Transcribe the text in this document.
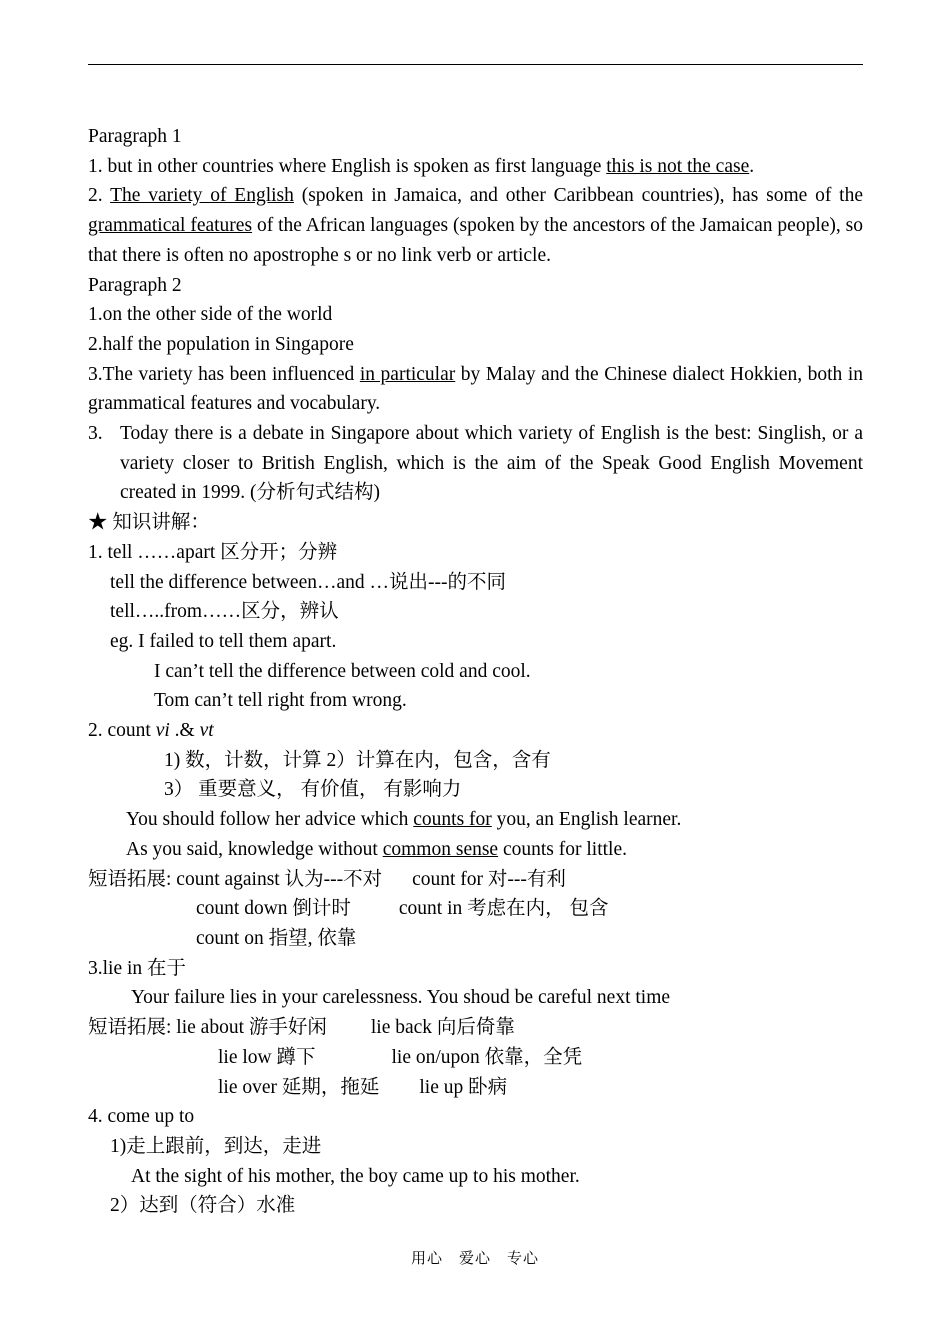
Paragraph 1
1. but in other countries where English is spoken as first language this is not the case.
2. The variety of English (spoken in Jamaica, and other Caribbean countries), has some of the grammatical features of the African languages (spoken by the ancestors of the Jamaican people), so that there is often no apostrophe s or no link verb or article.
Paragraph 2
1.on the other side of the world
2.half the population in Singapore
3.The variety has been influenced in particular by Malay and the Chinese dialect Hokkien, both in grammatical features and vocabulary.
3. Today there is a debate in Singapore about which variety of English is the best: Singlish, or a variety closer to British English, which is the aim of the Speak Good English Movement created in 1999. (分析句式结构)
★ 知识讲解：
1. tell ……apart 区分开；分辨
tell the difference between…and …说出---的不同
tell…..from……区分，辨认
eg. I failed to tell them apart.
I can’t tell the difference between cold and cool.
Tom can’t tell right from wrong.
2. count vi .& vt
1) 数，计数，计算 2）计算在内，包含，含有
3） 重要意义， 有价值， 有影响力
You should follow her advice which counts for you, an English learner.
As you said, knowledge without common sense counts for little.
短语拓展: count against 认为---不对 count for 对---有利
count down 倒计时 count in 考虑在内， 包含
count on 指望, 依靠
3.lie in 在于
Your failure lies in your carelessness. You shoud be careful next time
短语拓展: lie about 游手好闲 lie back 向后倚靠
lie low 蹲下	lie on/upon 依靠，全凭
lie over 延期，拖延 lie up 卧病
4. come up to
1)走上跟前，到达，走进
At the sight of his mother, the boy came up to his mother.
2）达到（符合）水准
用心　爱心　专心
